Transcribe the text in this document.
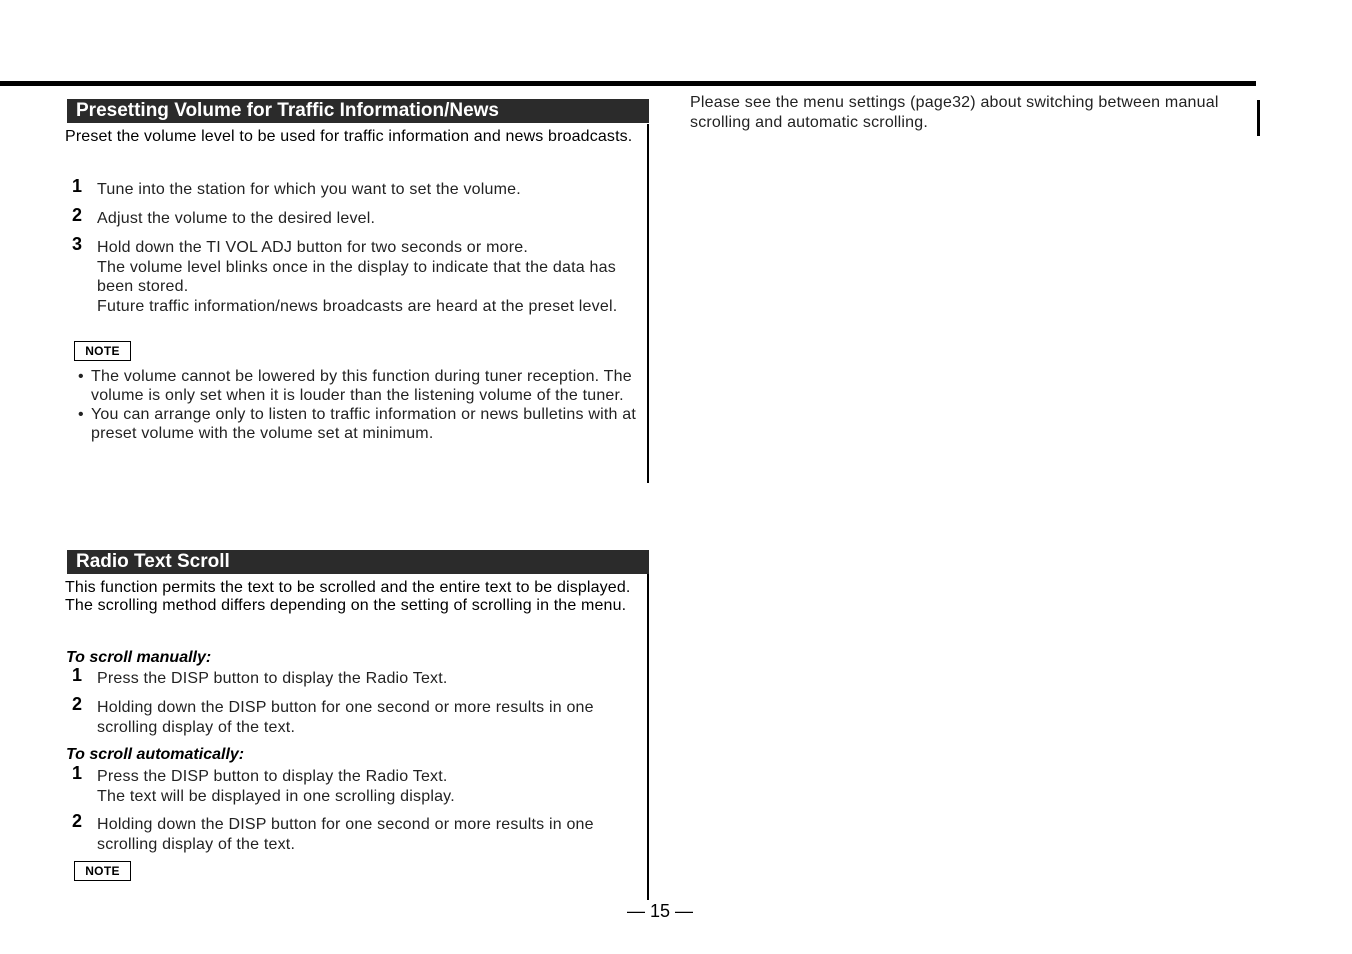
Presetting Volume for Traffic Information/News
Preset the volume level to be used for traffic information and news broadcasts.
1 Tune into the station for which you want to set the volume.
2 Adjust the volume to the desired level.
3 Hold down the TI VOL ADJ button for two seconds or more.
The volume level blinks once in the display to indicate that the data has been stored.
Future traffic information/news broadcasts are heard at the preset level.
NOTE
• The volume cannot be lowered by this function during tuner reception. The volume is only set when it is louder than the listening volume of the tuner.
• You can arrange only to listen to traffic information or news bulletins with at preset volume with the volume set at minimum.
Radio Text Scroll
This function permits the text to be scrolled and the entire text to be displayed. The scrolling method differs depending on the setting of scrolling in the menu.
To scroll manually:
1 Press the DISP button to display the Radio Text.
2 Holding down the DISP button for one second or more results in one scrolling display of the text.
To scroll automatically:
1 Press the DISP button to display the Radio Text.
The text will be displayed in one scrolling display.
2 Holding down the DISP button for one second or more results in one scrolling display of the text.
NOTE
Please see the menu settings (page32) about switching between manual scrolling and automatic scrolling.
— 15 —
